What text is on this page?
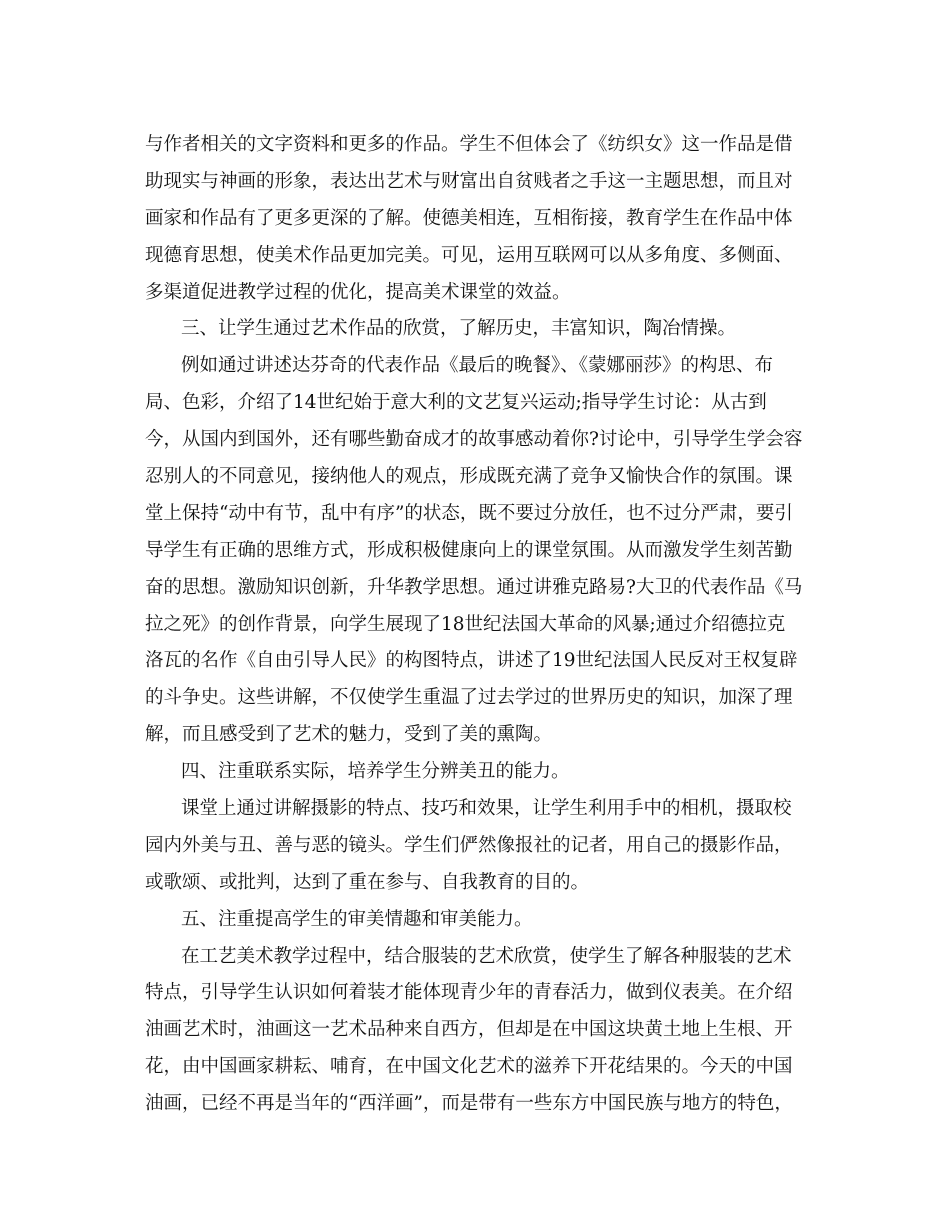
与作者相关的文字资料和更多的作品。学生不但体会了《纺织女》这一作品是借
助现实与神画的形象，表达出艺术与财富出自贫贱者之手这一主题思想，而且对
画家和作品有了更多更深的了解。使德美相连，互相衔接，教育学生在作品中体
现德育思想，使美术作品更加完美。可见，运用互联网可以从多角度、多侧面、
多渠道促进教学过程的优化，提高美术课堂的效益。
三、让学生通过艺术作品的欣赏，了解历史，丰富知识，陶冶情操。
例如通过讲述达芬奇的代表作品《最后的晚餐》、《蒙娜丽莎》的构思、布
局、色彩，介绍了14世纪始于意大利的文艺复兴运动;指导学生讨论：从古到
今，从国内到国外，还有哪些勤奋成才的故事感动着你?讨论中，引导学生学会容
忍别人的不同意见，接纳他人的观点，形成既充满了竞争又愉快合作的氛围。课
堂上保持“动中有节，乱中有序”的状态，既不要过分放任，也不过分严肃，要引
导学生有正确的思维方式，形成积极健康向上的课堂氛围。从而激发学生刻苦勤
奋的思想。激励知识创新，升华教学思想。通过讲雅克路易?大卫的代表作品《马
拉之死》的创作背景，向学生展现了18世纪法国大革命的风暴;通过介绍德拉克
洛瓦的名作《自由引导人民》的构图特点，讲述了19世纪法国人民反对王权复辟
的斗争史。这些讲解，不仅使学生重温了过去学过的世界历史的知识，加深了理
解，而且感受到了艺术的魅力，受到了美的熏陶。
四、注重联系实际，培养学生分辨美丑的能力。
课堂上通过讲解摄影的特点、技巧和效果，让学生利用手中的相机，摄取校
园内外美与丑、善与恶的镜头。学生们俨然像报社的记者，用自己的摄影作品，
或歌颂、或批判，达到了重在参与、自我教育的目的。
五、注重提高学生的审美情趣和审美能力。
在工艺美术教学过程中，结合服装的艺术欣赏，使学生了解各种服装的艺术
特点，引导学生认识如何着装才能体现青少年的青春活力，做到仪表美。在介绍
油画艺术时，油画这一艺术品种来自西方，但却是在中国这块黄土地上生根、开
花，由中国画家耕耘、哺育，在中国文化艺术的滋养下开花结果的。今天的中国
油画，已经不再是当年的“西洋画”，而是带有一些东方中国民族与地方的特色，
